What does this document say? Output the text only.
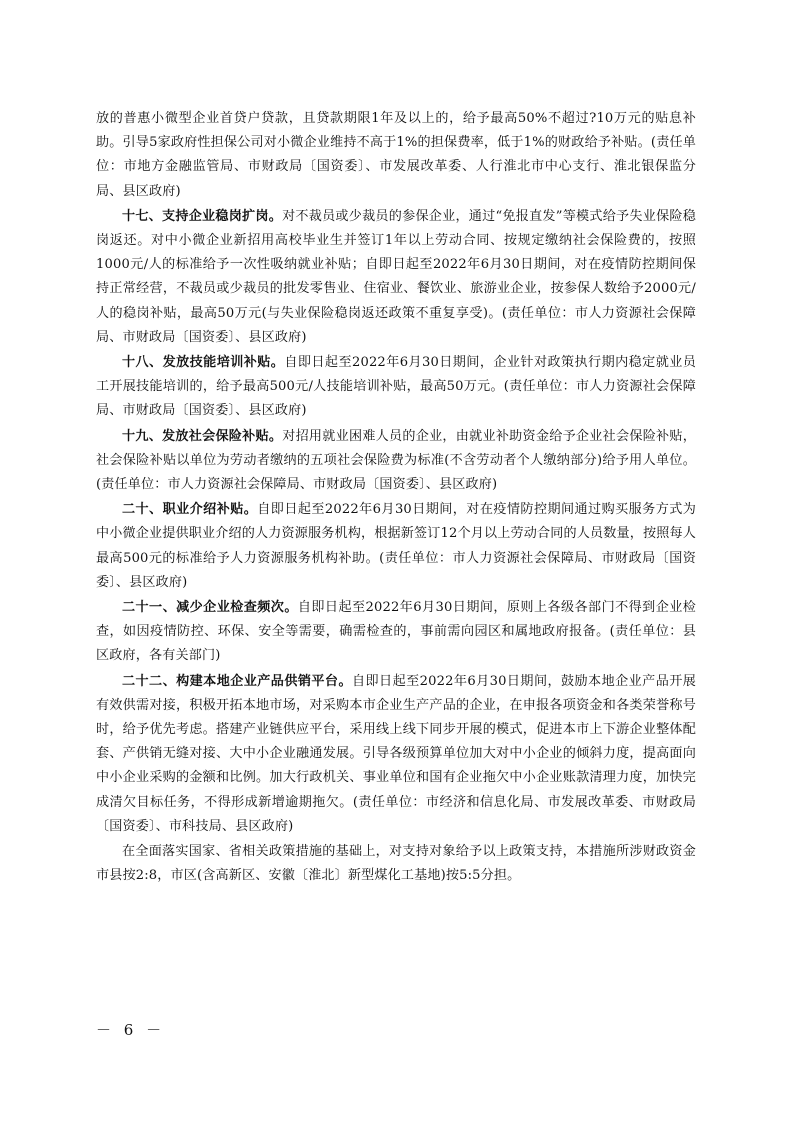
放的普惠小微型企业首贷户贷款，且贷款期限1年及以上的，给予最高50%不超过?10万元的贴息补助。引导5家政府性担保公司对小微企业维持不高于1%的担保费率，低于1%的财政给予补贴。(责任单位：市地方金融监管局、市财政局〔国资委〕、市发展改革委、人行淮北市中心支行、淮北银保监分局、县区政府)

十七、支持企业稳岗扩岗。对不裁员或少裁员的参保企业，通过“免报直发”等模式给予失业保险稳岗返还。对中小微企业新招用高校毕业生并签订1年以上劳动合同、按规定缴纳社会保险费的，按照1000元/人的标准给予一次性吸纳就业补贴；自即日起至2022年6月30日期间，对在疫情防控期间保持正常经营，不裁员或少裁员的批发零售业、住宿业、餐饮业、旅游业企业，按参保人数给予2000元/人的稳岗补贴，最高50万元(与失业保险稳岗返还政策不重复享受)。(责任单位：市人力资源社会保障局、市财政局〔国资委〕、县区政府)

十八、发放技能培训补贴。自即日起至2022年6月30日期间，企业针对政策执行期内稳定就业员工开展技能培训的，给予最高500元/人技能培训补贴，最高50万元。(责任单位：市人力资源社会保障局、市财政局〔国资委〕、县区政府)

十九、发放社会保险补贴。对招用就业困难人员的企业，由就业补助资金给予企业社会保险补贴，社会保险补贴以单位为劳动者缴纳的五项社会保险费为标准(不含劳动者个人缴纳部分)给予用人单位。(责任单位：市人力资源社会保障局、市财政局〔国资委〕、县区政府)

二十、职业介绍补贴。自即日起至2022年6月30日期间，对在疫情防控期间通过购买服务方式为中小微企业提供职业介绍的人力资源服务机构，根据新签订12个月以上劳动合同的人员数量，按照每人最高500元的标准给予人力资源服务机构补助。(责任单位：市人力资源社会保障局、市财政局〔国资委〕、县区政府)

二十一、减少企业检查频次。自即日起至2022年6月30日期间，原则上各级各部门不得到企业检查，如因疫情防控、环保、安全等需要，确需检查的，事前需向园区和属地政府报备。(责任单位：县区政府，各有关部门)

二十二、构建本地企业产品供销平台。自即日起至2022年6月30日期间，鼓励本地企业产品开展有效供需对接，积极开拓本地市场，对采购本市企业生产产品的企业，在申报各项资金和各类荣誉称号时，给予优先考虑。搭建产业链供应平台，采用线上线下同步开展的模式，促进本市上下游企业整体配套、产供销无缝对接、大中小企业融通发展。引导各级预算单位加大对中小企业的倾斜力度，提高面向中小企业采购的金额和比例。加大行政机关、事业单位和国有企业拖欠中小企业账款清理力度，加快完成清欠目标任务，不得形成新增逾期拖欠。(责任单位：市经济和信息化局、市发展改革委、市财政局〔国资委〕、市科技局、县区政府)

在全面落实国家、省相关政策措施的基础上，对支持对象给予以上政策支持，本措施所涉财政资金市县按2:8，市区(含高新区、安徽〔淮北〕新型煤化工基地)按5:5分担。

－ 6 －
